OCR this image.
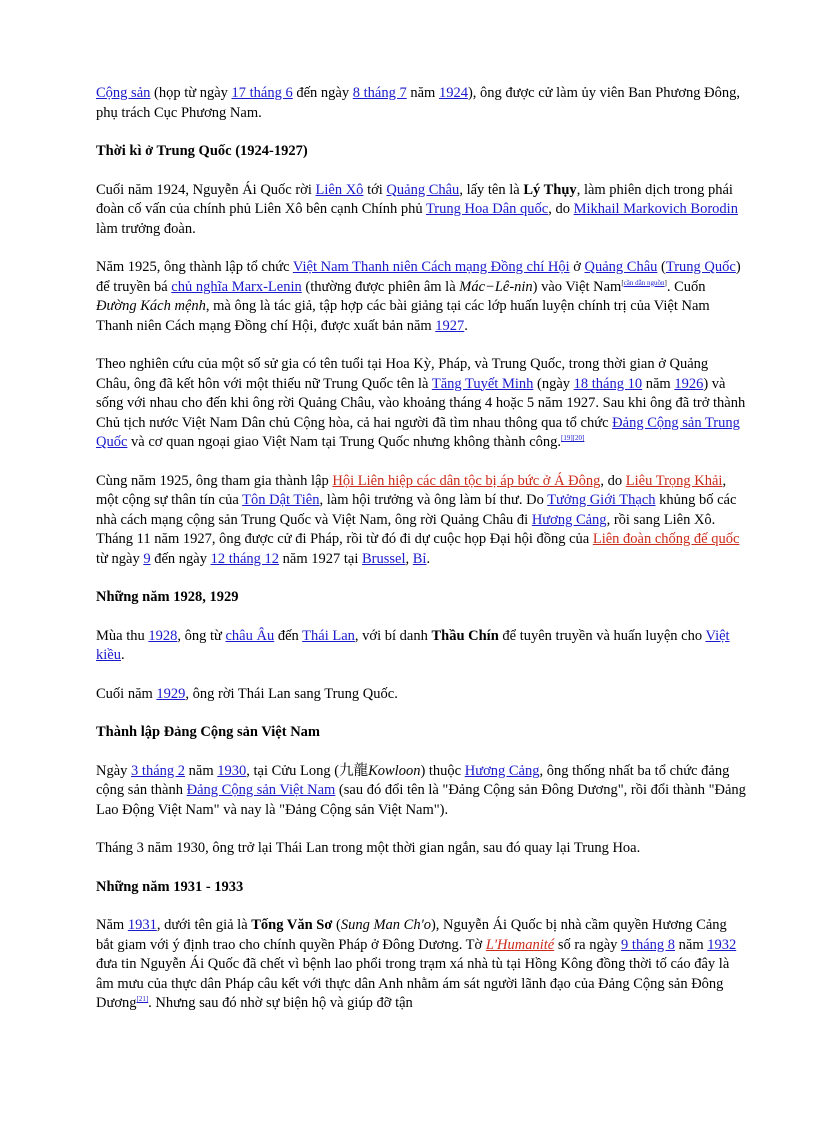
Cộng sản (họp từ ngày 17 tháng 6 đến ngày 8 tháng 7 năm 1924), ông được cử làm ủy viên Ban Phương Đông, phụ trách Cục Phương Nam.

Thời kì ở Trung Quốc (1924-1927)

Cuối năm 1924, Nguyễn Ái Quốc rời Liên Xô tới Quảng Châu, lấy tên là Lý Thụy, làm phiên dịch trong phái đoàn cố vấn của chính phủ Liên Xô bên cạnh Chính phủ Trung Hoa Dân quốc, do Mikhail Markovich Borodin làm trưởng đoàn.

Năm 1925, ông thành lập tổ chức Việt Nam Thanh niên Cách mạng Đồng chí Hội ở Quảng Châu (Trung Quốc) để truyền bá chủ nghĩa Marx-Lenin (thường được phiên âm là Mác−Lê-nin) vào Việt Nam[cần dẫn nguồn]. Cuốn Đường Kách mệnh, mà ông là tác giả, tập hợp các bài giảng tại các lớp huấn luyện chính trị của Việt Nam Thanh niên Cách mạng Đồng chí Hội, được xuất bản năm 1927.

Theo nghiên cứu của một số sử gia có tên tuổi tại Hoa Kỳ, Pháp, và Trung Quốc, trong thời gian ở Quảng Châu, ông đã kết hôn với một thiếu nữ Trung Quốc tên là Tăng Tuyết Minh (ngày 18 tháng 10 năm 1926) và sống với nhau cho đến khi ông rời Quảng Châu, vào khoảng tháng 4 hoặc 5 năm 1927. Sau khi ông đã trở thành Chủ tịch nước Việt Nam Dân chủ Cộng hòa, cả hai người đã tìm nhau thông qua tổ chức Đảng Cộng sản Trung Quốc và cơ quan ngoại giao Việt Nam tại Trung Quốc nhưng không thành công.[19][20]

Cùng năm 1925, ông tham gia thành lập Hội Liên hiệp các dân tộc bị áp bức ở Á Đông, do Liêu Trọng Khải, một cộng sự thân tín của Tôn Dật Tiên, làm hội trưởng và ông làm bí thư. Do Tưởng Giới Thạch khủng bố các nhà cách mạng cộng sản Trung Quốc và Việt Nam, ông rời Quảng Châu đi Hương Cảng, rồi sang Liên Xô. Tháng 11 năm 1927, ông được cử đi Pháp, rồi từ đó đi dự cuộc họp Đại hội đồng của Liên đoàn chống đế quốc từ ngày 9 đến ngày 12 tháng 12 năm 1927 tại Brussel, Bỉ.

Những năm 1928, 1929

Mùa thu 1928, ông từ châu Âu đến Thái Lan, với bí danh Thầu Chín để tuyên truyền và huấn luyện cho Việt kiều.

Cuối năm 1929, ông rời Thái Lan sang Trung Quốc.

Thành lập Đảng Cộng sản Việt Nam

Ngày 3 tháng 2 năm 1930, tại Cửu Long (九龍Kowloon) thuộc Hương Cảng, ông thống nhất ba tổ chức đảng cộng sản thành Đảng Cộng sản Việt Nam (sau đó đổi tên là "Đảng Cộng sản Đông Dương", rồi đổi thành "Đảng Lao Động Việt Nam" và nay là "Đảng Cộng sản Việt Nam").

Tháng 3 năm 1930, ông trở lại Thái Lan trong một thời gian ngắn, sau đó quay lại Trung Hoa.

Những năm 1931 - 1933

Năm 1931, dưới tên giả là Tống Văn Sơ (Sung Man Ch'o), Nguyễn Ái Quốc bị nhà cầm quyền Hương Cảng bắt giam với ý định trao cho chính quyền Pháp ở Đông Dương. Tờ L'Humanité số ra ngày 9 tháng 8 năm 1932 đưa tin Nguyễn Ái Quốc đã chết vì bệnh lao phổi trong trạm xá nhà tù tại Hồng Kông đồng thời tố cáo đây là âm mưu của thực dân Pháp câu kết với thực dân Anh nhằm ám sát người lãnh đạo của Đảng Cộng sản Đông Dương[21]. Nhưng sau đó nhờ sự biện hộ và giúp đỡ tận
